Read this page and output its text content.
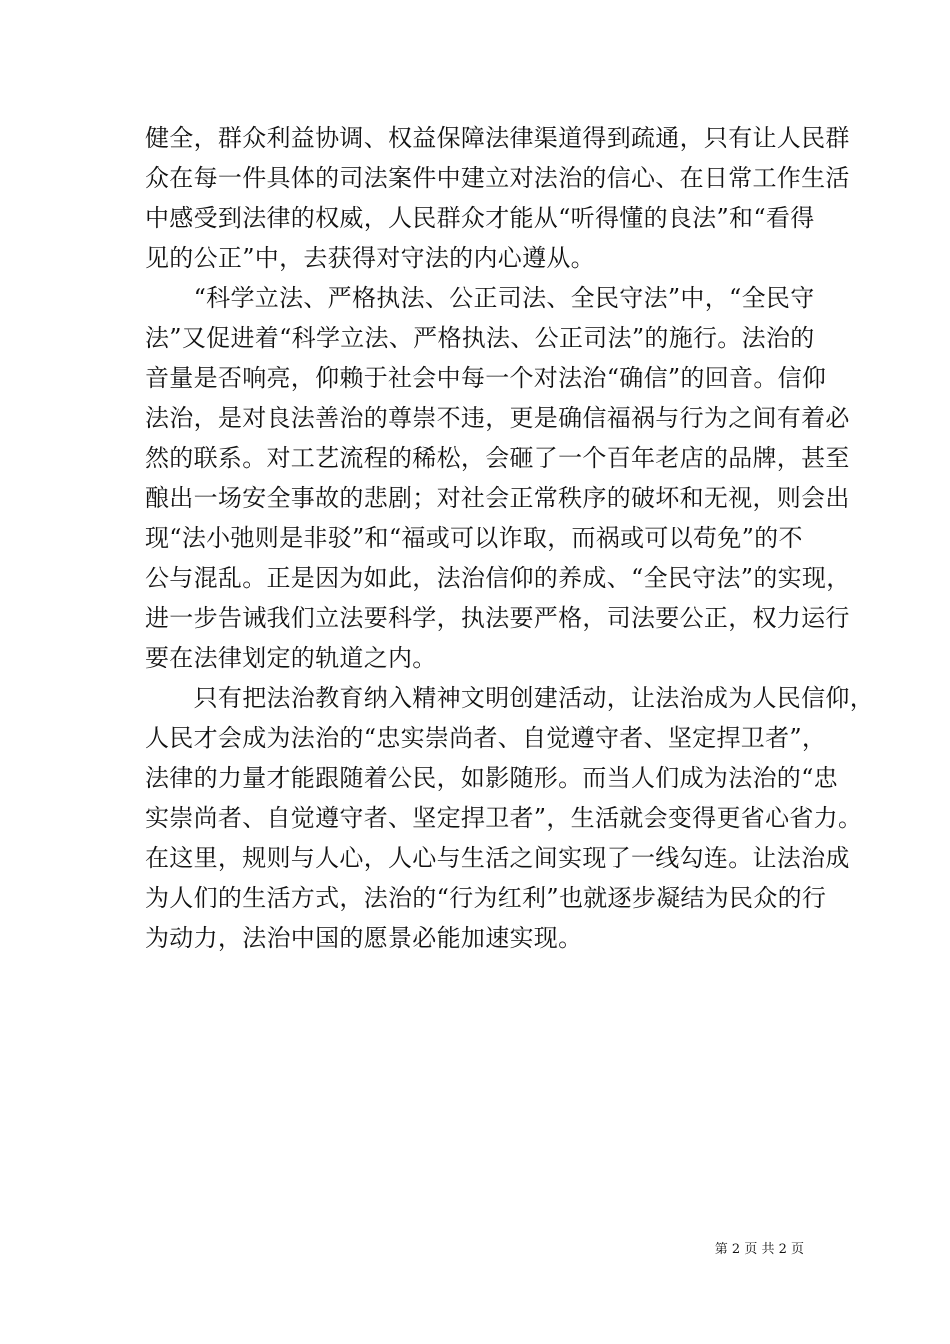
健全，群众利益协调、权益保障法律渠道得到疏通，只有让人民群
众在每一件具体的司法案件中建立对法治的信心、在日常工作生活
中感受到法律的权威，人民群众才能从“听得懂的良法”和“看得
见的公正”中，去获得对守法的内心遵从。
　　“科学立法、严格执法、公正司法、全民守法”中，“全民守
法”又促进着“科学立法、严格执法、公正司法”的施行。法治的
音量是否响亮，仰赖于社会中每一个对法治“确信”的回音。信仰
法治，是对良法善治的尊崇不违，更是确信福祸与行为之间有着必
然的联系。对工艺流程的稀松，会砸了一个百年老店的品牌，甚至
酿出一场安全事故的悲剧；对社会正常秩序的破坏和无视，则会出
现“法小弛则是非驳”和“福或可以诈取，而祸或可以苟免”的不
公与混乱。正是因为如此，法治信仰的养成、“全民守法”的实现，
进一步告诫我们立法要科学，执法要严格，司法要公正，权力运行
要在法律划定的轨道之内。
　　只有把法治教育纳入精神文明创建活动，让法治成为人民信仰，
人民才会成为法治的“忠实崇尚者、自觉遵守者、坚定捍卫者”，
法律的力量才能跟随着公民，如影随形。而当人们成为法治的“忠
实崇尚者、自觉遵守者、坚定捍卫者”，生活就会变得更省心省力。
在这里，规则与人心，人心与生活之间实现了一线勾连。让法治成
为人们的生活方式，法治的“行为红利”也就逐步凝结为民众的行
为动力，法治中国的愿景必能加速实现。
第 2 页 共 2 页
